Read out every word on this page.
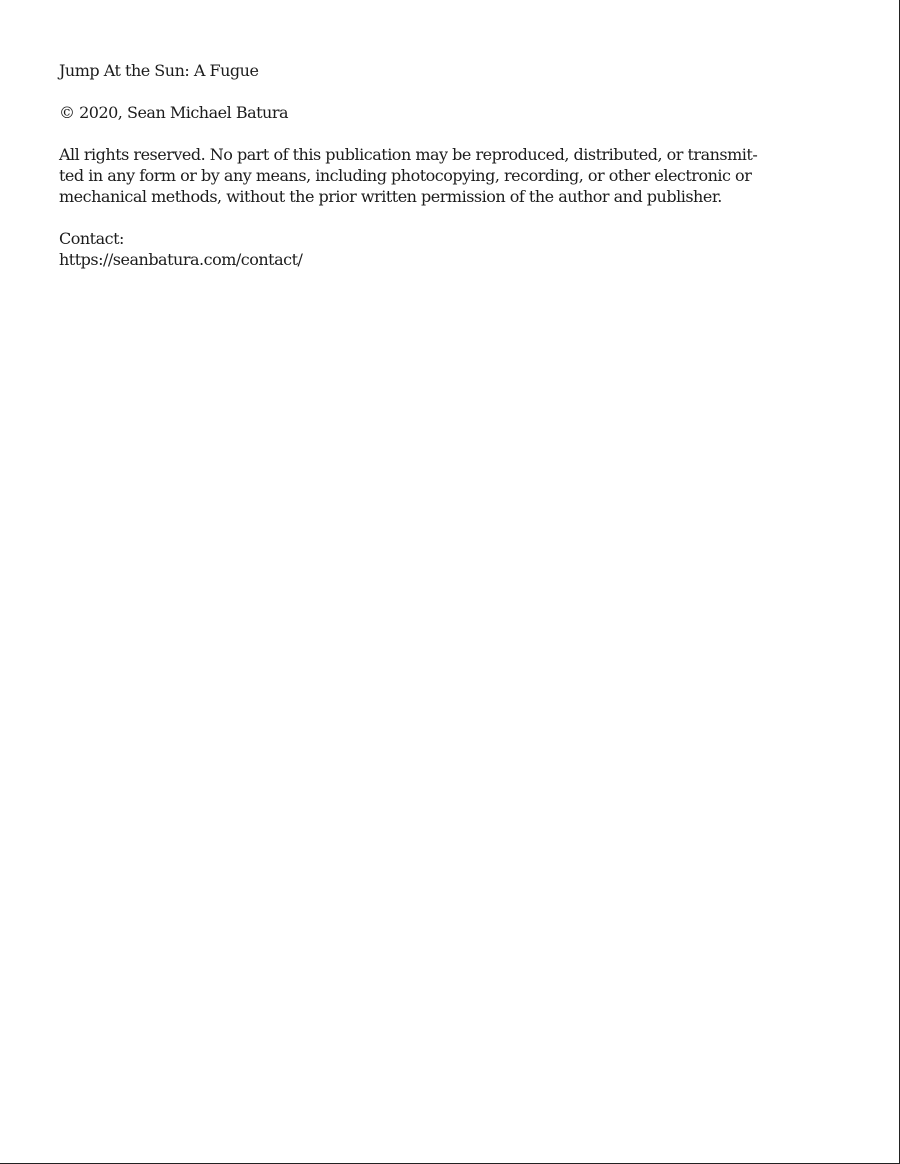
Jump At the Sun: A Fugue
© 2020, Sean Michael Batura
All rights reserved. No part of this publication may be reproduced, distributed, or transmit-
ted in any form or by any means, including photocopying, recording, or other electronic or
mechanical methods, without the prior written permission of the author and publisher.
Contact:
https://seanbatura.com/contact/
